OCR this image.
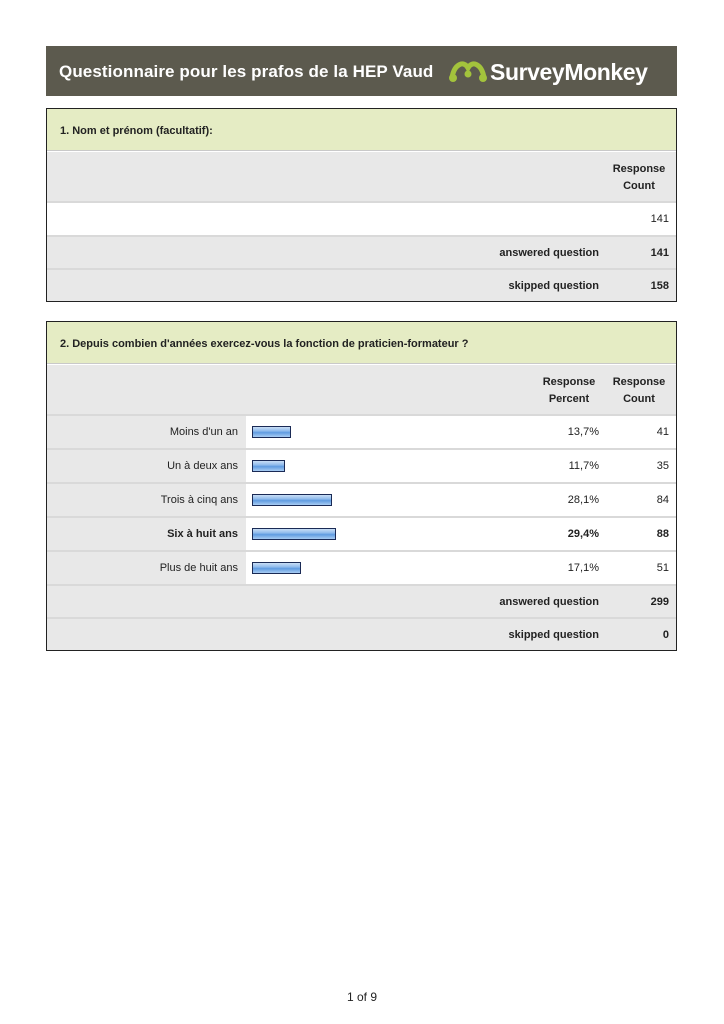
Questionnaire pour les prafos de la HEP Vaud SurveyMonkey
1. Nom et prénom (facultatif):
Response
Count
141
answered question	141
skipped question	158
2. Depuis combien d'années exercez-vous la fonction de praticien-formateur ?
Response
Percent
Response
Count
Moins d'un an	13,7%	41
Un à deux ans	11,7%	35
Trois à cinq ans	28,1%	84
Six à huit ans	29,4%	88
Plus de huit ans	17,1%	51
answered question	299
skipped question	0
1 of 9
